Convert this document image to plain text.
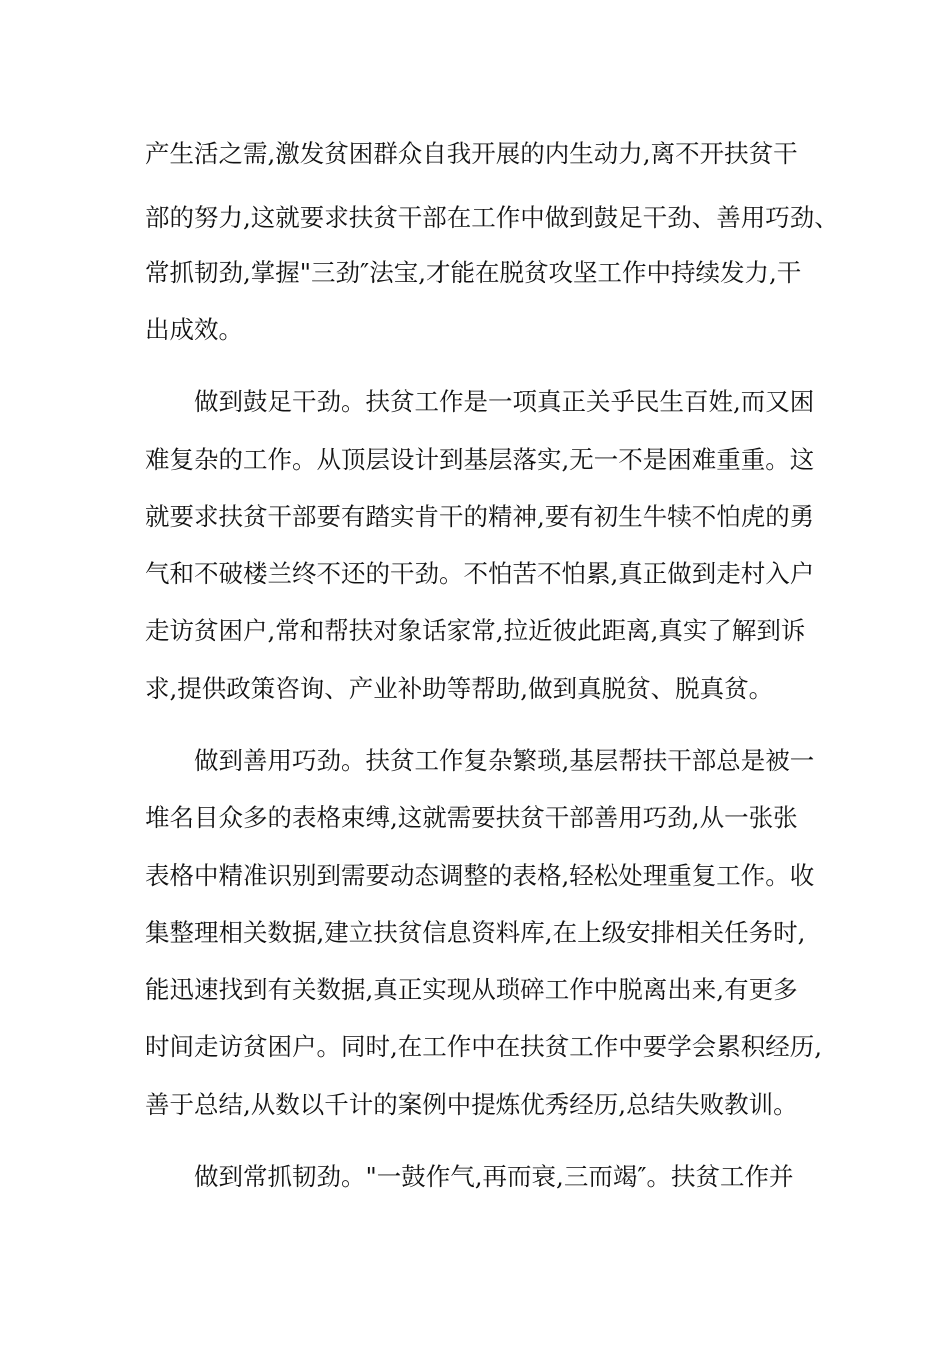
产生活之需,激发贫困群众自我开展的内生动力,离不开扶贫干
部的努力,这就要求扶贫干部在工作中做到鼓足干劲、善用巧劲、
常抓韧劲,掌握"三劲″法宝,才能在脱贫攻坚工作中持续发力,干
出成效。
做到鼓足干劲。扶贫工作是一项真正关乎民生百姓,而又困
难复杂的工作。从顶层设计到基层落实,无一不是困难重重。这
就要求扶贫干部要有踏实肯干的精神,要有初生牛犊不怕虎的勇
气和不破楼兰终不还的干劲。不怕苦不怕累,真正做到走村入户
走访贫困户,常和帮扶对象话家常,拉近彼此距离,真实了解到诉
求,提供政策咨询、产业补助等帮助,做到真脱贫、脱真贫。
做到善用巧劲。扶贫工作复杂繁琐,基层帮扶干部总是被一
堆名目众多的表格束缚,这就需要扶贫干部善用巧劲,从一张张
表格中精准识别到需要动态调整的表格,轻松处理重复工作。收
集整理相关数据,建立扶贫信息资料库,在上级安排相关任务时,
能迅速找到有关数据,真正实现从琐碎工作中脱离出来,有更多
时间走访贫困户。同时,在工作中在扶贫工作中要学会累积经历,
善于总结,从数以千计的案例中提炼优秀经历,总结失败教训。
做到常抓韧劲。"一鼓作气,再而衰,三而竭″。扶贫工作并
